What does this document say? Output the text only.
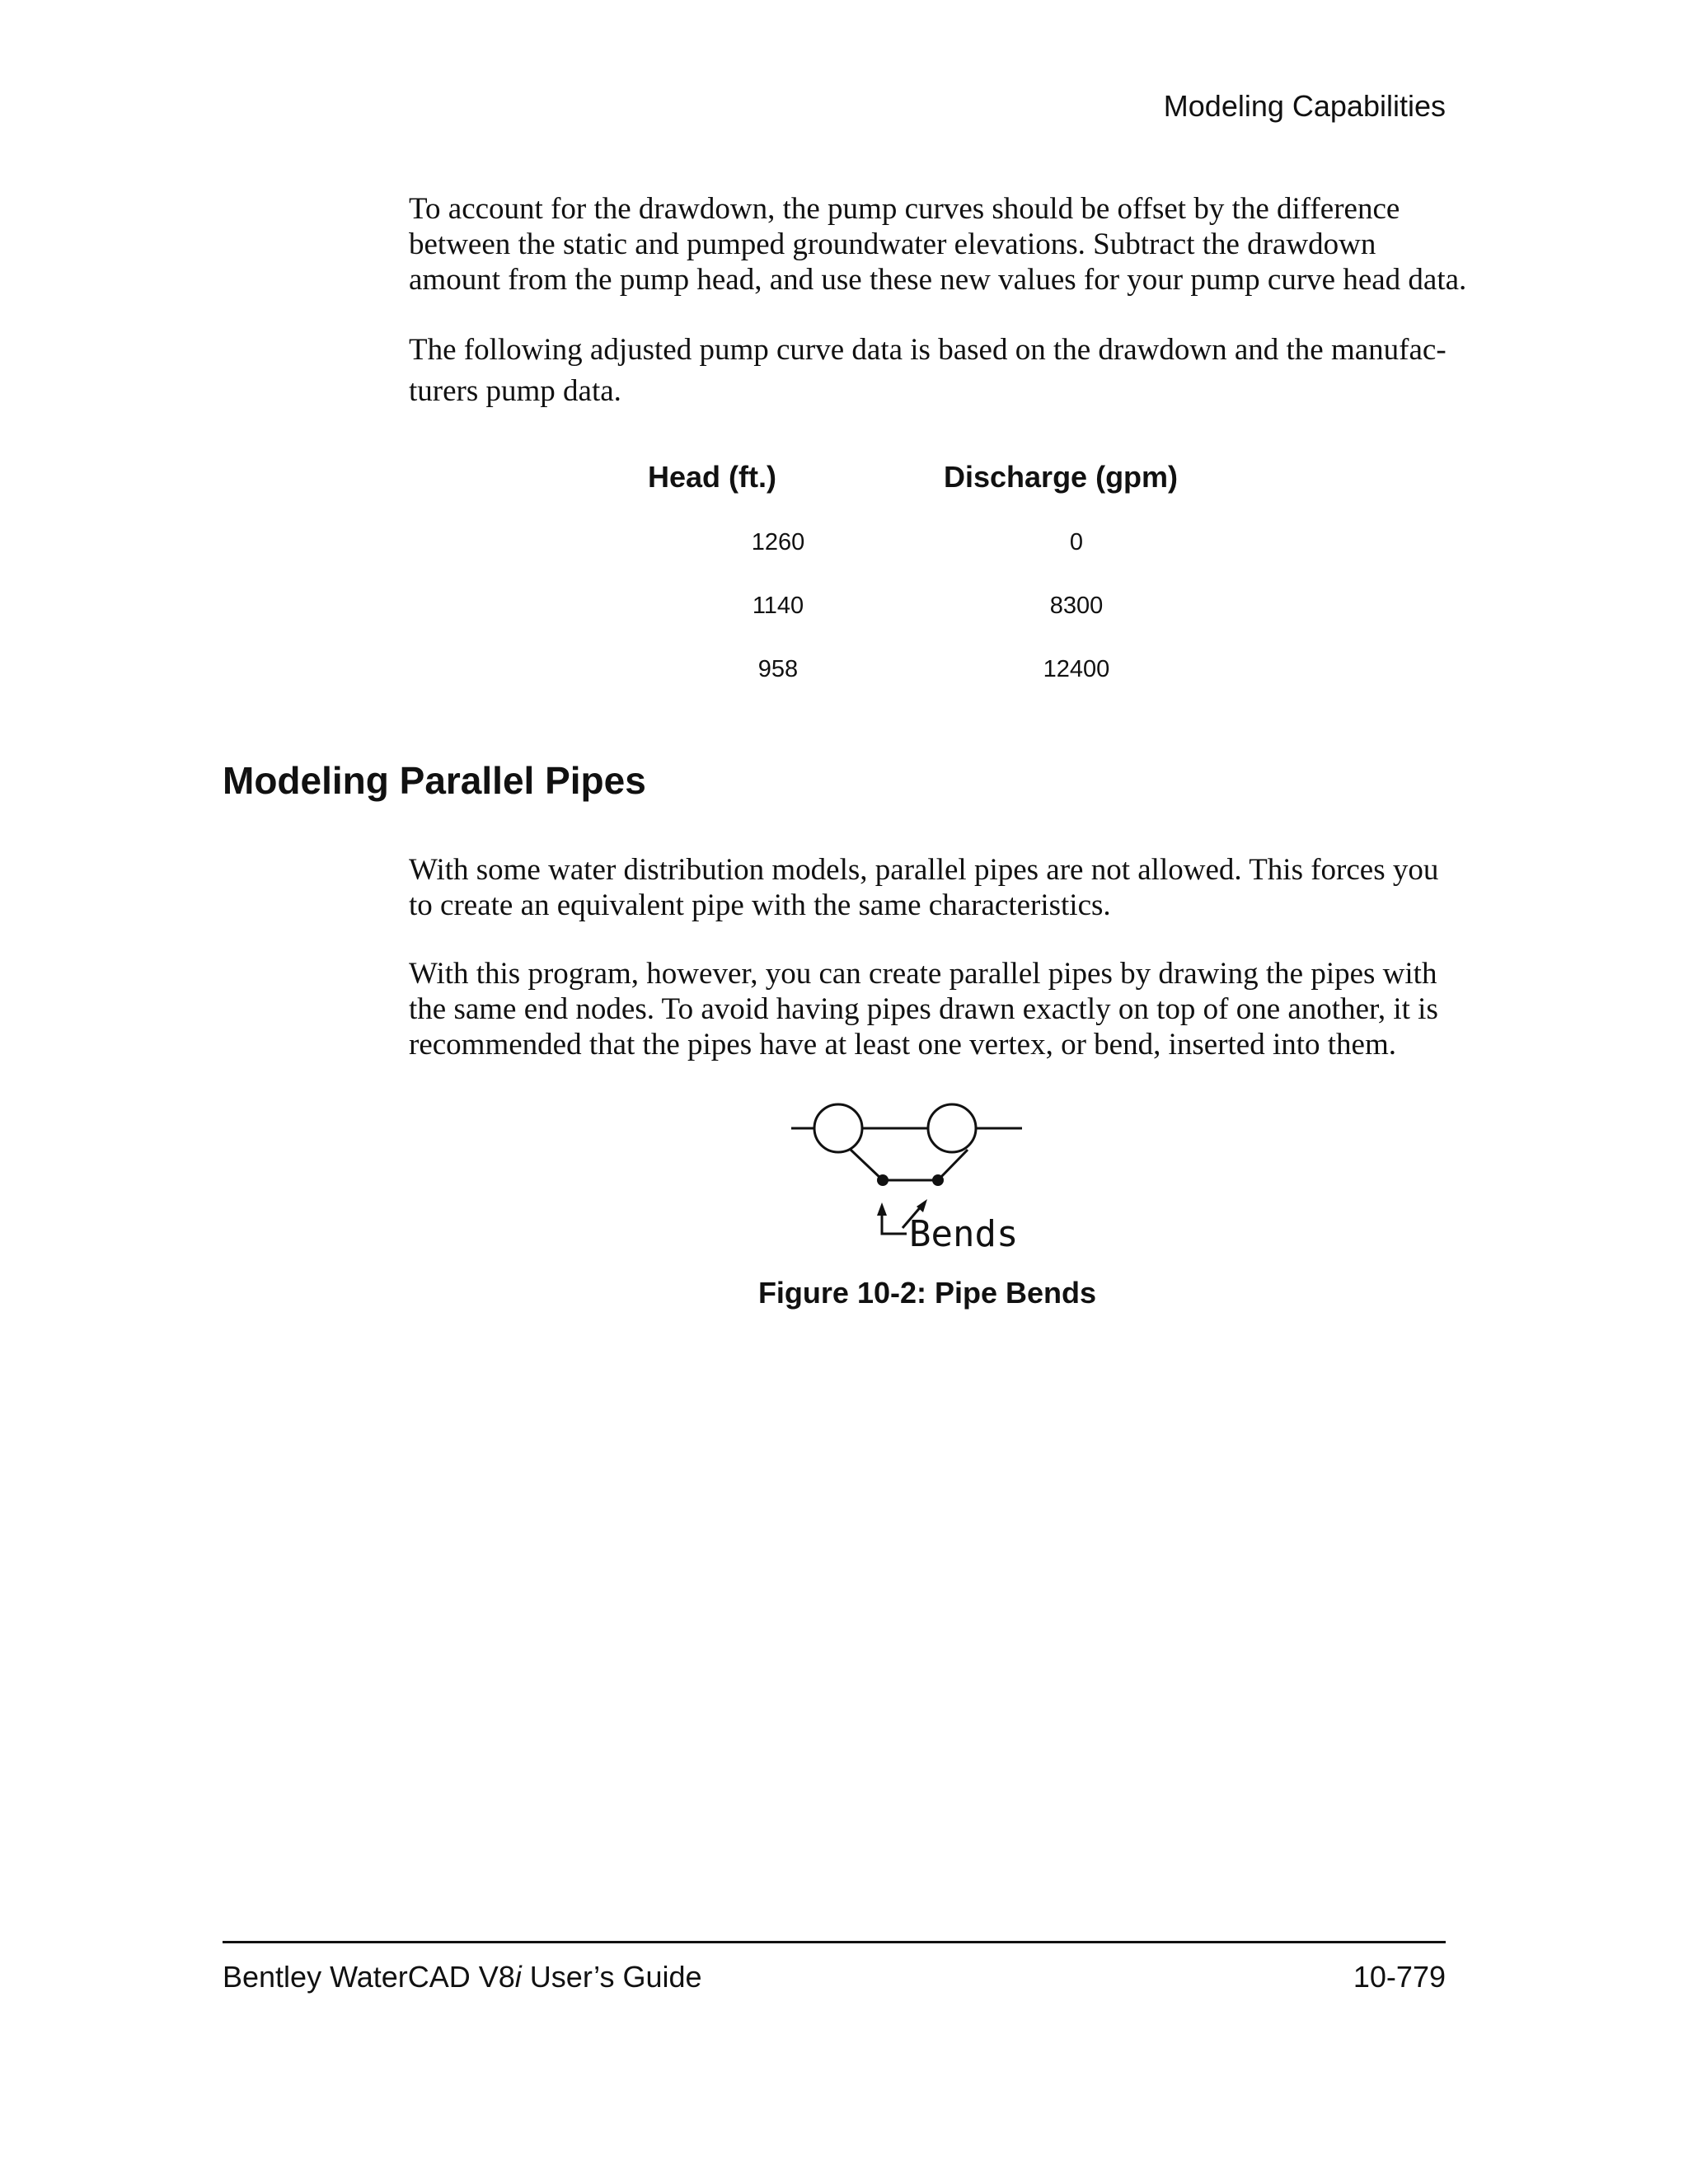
Modeling Capabilities

To account for the drawdown, the pump curves should be offset by the difference
between the static and pumped groundwater elevations. Subtract the drawdown
amount from the pump head, and use these new values for your pump curve head data.

The following adjusted pump curve data is based on the drawdown and the manufac-
turers pump data.

Head (ft.)	Discharge (gpm)
1260	0
1140	8300
958	12400
Modeling Parallel Pipes

With some water distribution models, parallel pipes are not allowed. This forces you
to create an equivalent pipe with the same characteristics.

With this program, however, you can create parallel pipes by drawing the pipes with
the same end nodes. To avoid having pipes drawn exactly on top of one another, it is
recommended that the pipes have at least one vertex, or bend, inserted into them.

Bends
Figure 10-2: Pipe Bends
Bentley WaterCAD V8i User’s Guide	10-779
